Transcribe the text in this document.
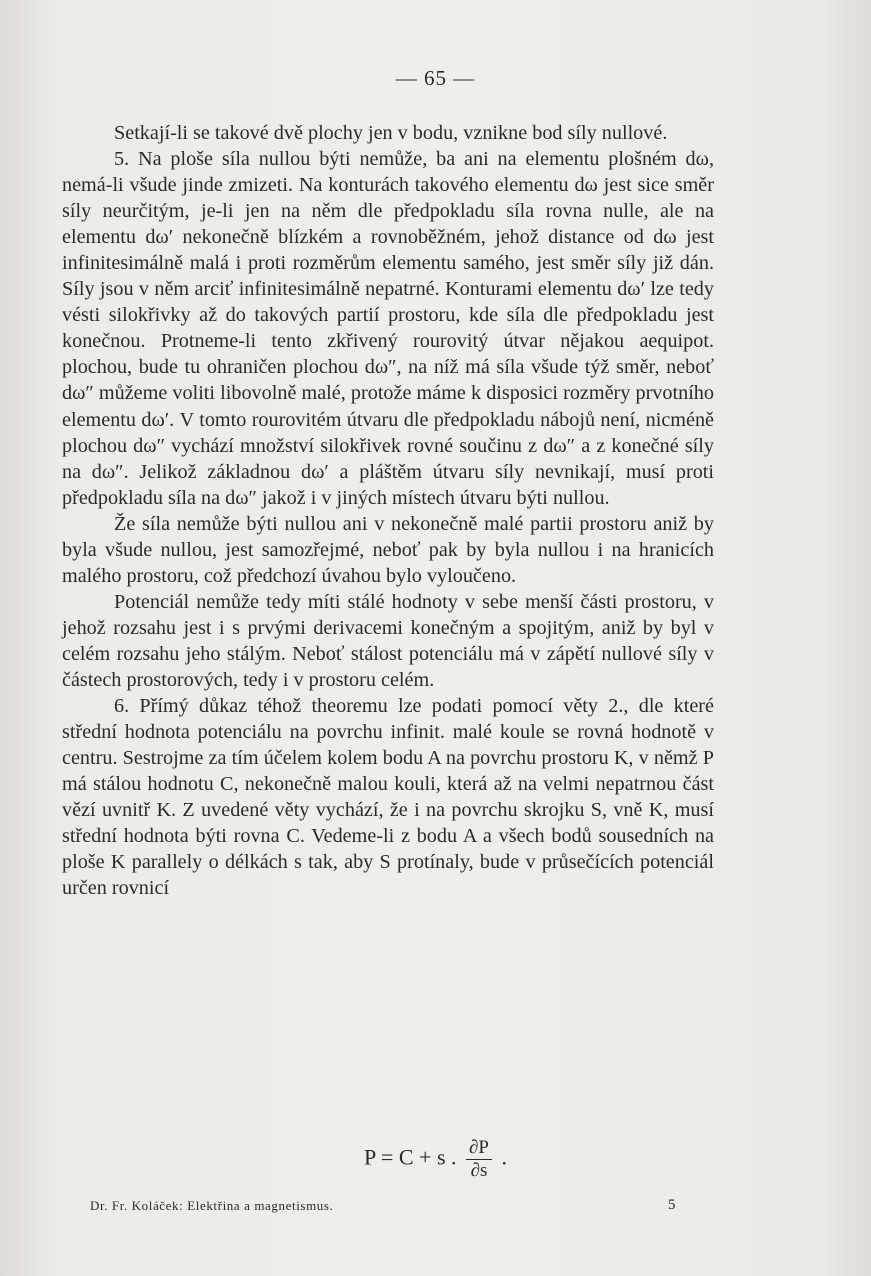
— 65 —

Setkají-li se takové dvě plochy jen v bodu, vznikne bod síly nullové.

5. Na ploše síla nullou býti nemůže, ba ani na elementu plošném dω, nemá-li všude jinde zmizeti. Na konturách takového elementu dω jest sice směr síly neurčitým, je-li jen na něm dle předpokladu síla rovna nulle, ale na elementu dω′ nekonečně blízkém a rovnoběžném, jehož distance od dω jest infinitesimálně malá i proti rozměrům elementu samého, jest směr síly již dán. Síly jsou v něm arciť infinitesimálně nepatrné. Konturami elementu dω′ lze tedy vésti silokřivky až do takových partií prostoru, kde síla dle předpokladu jest konečnou. Protneme-li tento zkřivený rourovitý útvar nějakou aequipot. plochou, bude tu ohraničen plochou dω″, na níž má síla všude týž směr, neboť dω″ můžeme voliti libovolně malé, protože máme k disposici rozměry prvotního elementu dω′. V tomto rourovitém útvaru dle předpokladu nábojů není, nicméně plochou dω″ vychází množství silokřivek rovné součinu z dω″ a z konečné síly na dω″. Jelikož základnou dω′ a pláštěm útvaru síly nevnikají, musí proti předpokladu síla na dω″ jakož i v jiných místech útvaru býti nullou.

Že síla nemůže býti nullou ani v nekonečně malé partii prostoru aniž by byla všude nullou, jest samozřejmé, neboť pak by byla nullou i na hranicích malého prostoru, což předchozí úvahou bylo vyloučeno.

Potenciál nemůže tedy míti stálé hodnoty v sebe menší části prostoru, v jehož rozsahu jest i s prvými derivacemi konečným a spojitým, aniž by byl v celém rozsahu jeho stálým. Neboť stálost potenciálu má v zápětí nullové síly v částech prostorových, tedy i v prostoru celém.

6. Přímý důkaz téhož theoremu lze podati pomocí věty 2., dle které střední hodnota potenciálu na povrchu infinit. malé koule se rovná hodnotě v centru. Sestrojme za tím účelem kolem bodu A na povrchu prostoru K, v němž P má stálou hodnotu C, nekonečně malou kouli, která až na velmi nepatrnou část vězí uvnitř K. Z uvedené věty vychází, že i na povrchu skrojku S, vně K, musí střední hodnota býti rovna C. Vedeme-li z bodu A a všech bodů sousedních na ploše K parallely o délkách s tak, aby S protínaly, bude v průsečících potenciál určen rovnicí

P = C + s . $\frac{\partial P}{\partial s}$ .
Dr. Fr. Koláček: Elektřina a magnetismus.	5
